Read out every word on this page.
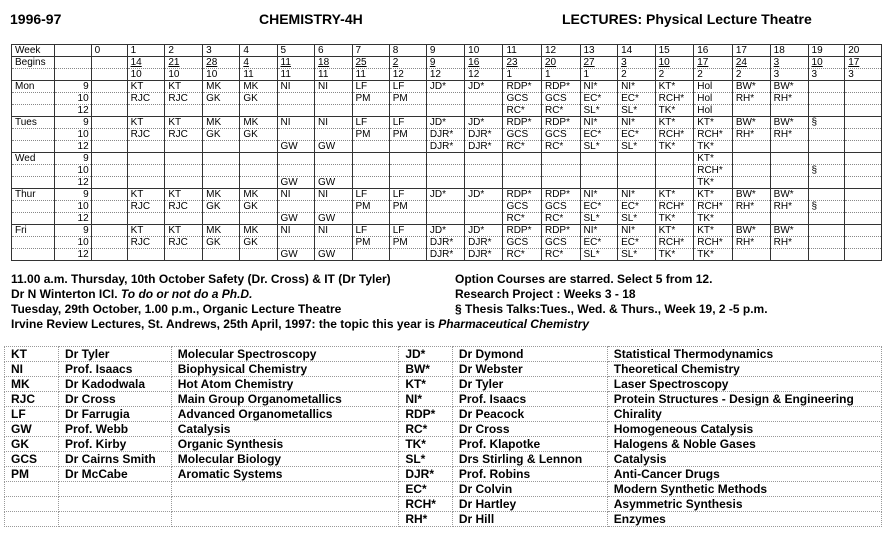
1996-97	CHEMISTRY-4H	LECTURES: Physical Lecture Theatre
Week		0	1	2	3	4	5	6	7	8	9	10	11	12	13	14	15	16	17	18	19	20
Begins			14	21	28	4	11	18	25	2	9	16	23	20	27	3	10	17	24	3	10	17
			10	10	10	11	11	11	11	12	12	12	1	1	1	2	2	2	2	3	3	3
Mon	9		KT	KT	MK	MK	NI	NI	LF	LF	JD*	JD*	RDP*	RDP*	NI*	NI*	KT*	Hol	BW*	BW*		
	10		RJC	RJC	GK	GK			PM	PM			GCS	GCS	EC*	EC*	RCH*	Hol	RH*	RH*		
	12												RC*	RC*	SL*	SL*	TK*	Hol				
Tues	9		KT	KT	MK	MK	NI	NI	LF	LF	JD*	JD*	RDP*	RDP*	NI*	NI*	KT*	KT*	BW*	BW*	§	
	10		RJC	RJC	GK	GK			PM	PM	DJR*	DJR*	GCS	GCS	EC*	EC*	RCH*	RCH*	RH*	RH*		
	12						GW	GW			DJR*	DJR*	RC*	RC*	SL*	SL*	TK*	TK*				
Wed	9																	KT*				
	10																	RCH*			§	
	12						GW	GW										TK*				
Thur	9		KT	KT	MK	MK	NI	NI	LF	LF	JD*	JD*	RDP*	RDP*	NI*	NI*	KT*	KT*	BW*	BW*		
	10		RJC	RJC	GK	GK			PM	PM			GCS	GCS	EC*	EC*	RCH*	RCH*	RH*	RH*	§	
	12						GW	GW					RC*	RC*	SL*	SL*	TK*	TK*				
Fri	9		KT	KT	MK	MK	NI	NI	LF	LF	JD*	JD*	RDP*	RDP*	NI*	NI*	KT*	KT*	BW*	BW*		
	10		RJC	RJC	GK	GK			PM	PM	DJR*	DJR*	GCS	GCS	EC*	EC*	RCH*	RCH*	RH*	RH*		
	12						GW	GW			DJR*	DJR*	RC*	RC*	SL*	SL*	TK*	TK*				
11.00 a.m. Thursday, 10th October Safety (Dr. Cross) & IT (Dr Tyler)
Dr N Winterton ICI. To do or not do a Ph.D.
Tuesday, 29th October, 1.00 p.m., Organic Lecture Theatre
Irvine Review Lectures, St. Andrews, 25th April, 1997: the topic this year is Pharmaceutical Chemistry
Option Courses are starred. Select 5 from 12.
Research Project : Weeks 3 - 18
§ Thesis Talks:Tues., Wed. & Thurs., Week 19, 2 -5 p.m.
KT	Dr Tyler	Molecular Spectroscopy	JD*	Dr Dymond	Statistical Thermodynamics
NI	Prof. Isaacs	Biophysical Chemistry	BW*	Dr Webster	Theoretical Chemistry
MK	Dr Kadodwala	Hot Atom Chemistry	KT*	Dr Tyler	Laser Spectroscopy
RJC	Dr Cross	Main Group Organometallics	NI*	Prof. Isaacs	Protein Structures - Design & Engineering
LF	Dr Farrugia	Advanced Organometallics	RDP*	Dr Peacock	Chirality
GW	Prof. Webb	Catalysis	RC*	Dr Cross	Homogeneous Catalysis
GK	Prof. Kirby	Organic Synthesis	TK*	Prof. Klapotke	Halogens & Noble Gases
GCS	Dr Cairns Smith	Molecular Biology	SL*	Drs Stirling & Lennon	Catalysis
PM	Dr McCabe	Aromatic Systems	DJR*	Prof. Robins	Anti-Cancer Drugs
			EC*	Dr Colvin	Modern Synthetic Methods
			RCH*	Dr Hartley	Asymmetric Synthesis
			RH*	Dr Hill	Enzymes
